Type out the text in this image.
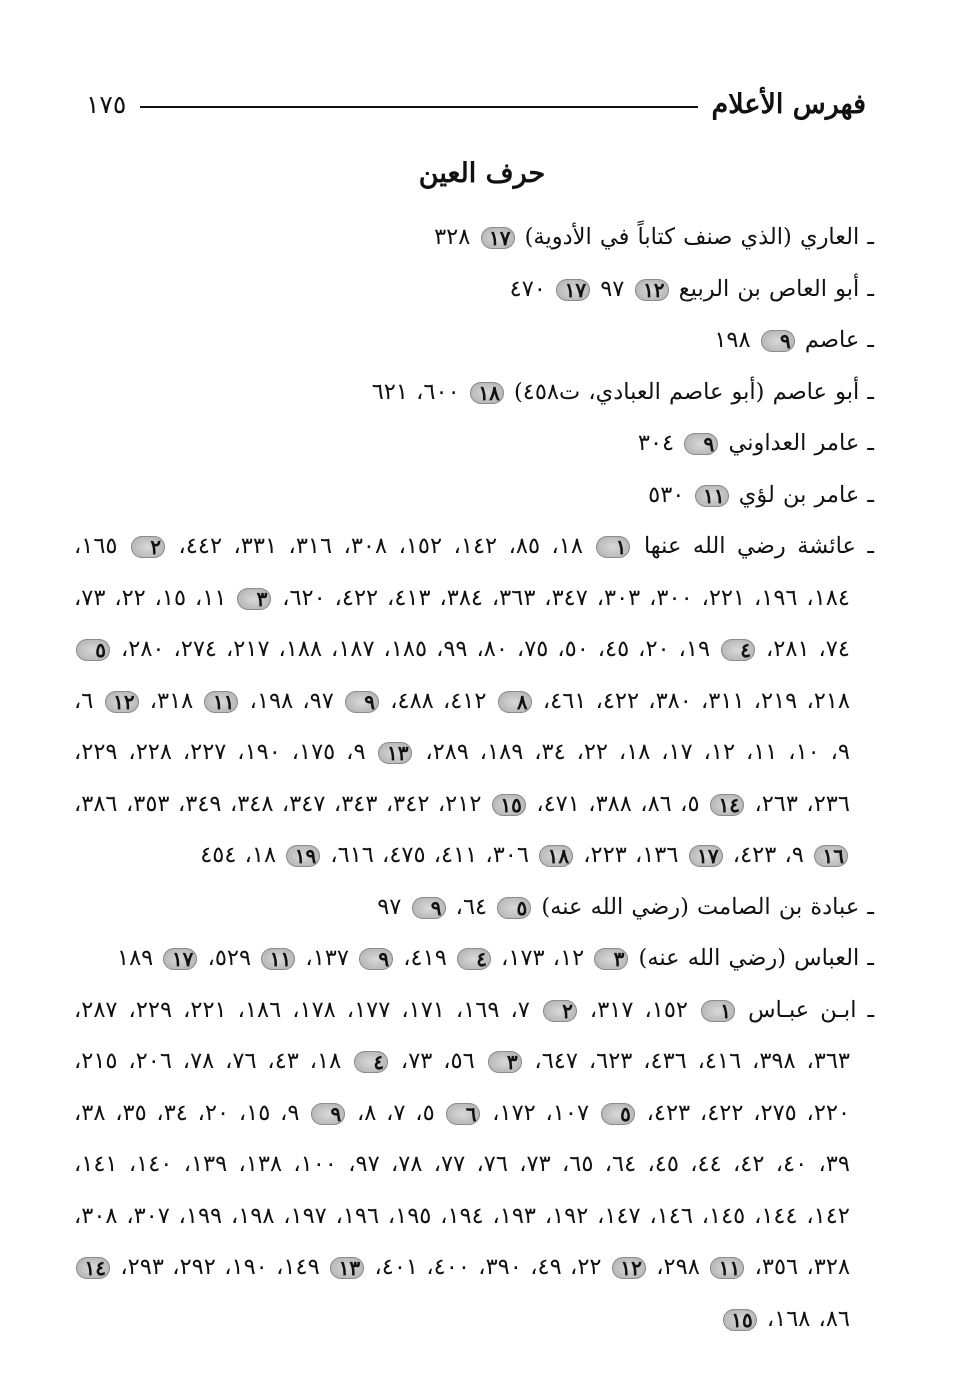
فهرس الأعلام
١٧٥
حرف العين
ـ العاري (الذي صنف كتاباً في الأدوية) ١٧ ٣٢٨
ـ أبو العاص بن الربيع ١٢ ٩٧ ١٧ ٤٧٠
ـ عاصم ٩ ١٩٨
ـ أبو عاصم (أبو عاصم العبادي، ت٤٥٨) ١٨ ٦٠٠، ٦٢١
ـ عامر العداوني ٩ ٣٠٤
ـ عامر بن لؤي ١١ ٥٣٠
ـ عائشة رضي الله عنها ١ ١٨، ٨٥، ١٤٢، ١٥٢، ٣٠٨، ٣١٦، ٣٣١، ٤٤٢، ٢ ١٦٥، ١٨٤، ١٩٦، ٢٢١، ٣٠٠، ٣٠٣، ٣٤٧، ٣٦٣، ٣٨٤، ٤١٣، ٤٢٢، ٦٢٠، ٣ ١١، ١٥، ٢٢، ٧٣، ٧٤، ٢٨١، ٤ ١٩، ٢٠، ٤٥، ٥٠، ٧٥، ٨٠، ٩٩، ١٨٥، ١٨٧، ١٨٨، ٢١٧، ٢٧٤، ٢٨٠، ٥ ٢١٨، ٢١٩، ٣١١، ٣٨٠، ٤٢٢، ٤٦١، ٨ ٤١٢، ٤٨٨، ٩ ٩٧، ١٩٨، ١١ ٣١٨، ١٢ ٦، ٩، ١٠، ١١، ١٢، ١٧، ١٨، ٢٢، ٣٤، ١٨٩، ٢٨٩، ١٣ ٩، ١٧٥، ١٩٠، ٢٢٧، ٢٢٨، ٢٢٩، ٢٣٦، ٢٦٣، ١٤ ٥، ٨٦، ٣٨٨، ٤٧١، ١٥ ٢١٢، ٣٤٢، ٣٤٣، ٣٤٧، ٣٤٨، ٣٤٩، ٣٥٣، ٣٨٦، ١٦ ٩، ٤٢٣، ١٧ ١٣٦، ٢٢٣، ١٨ ٣٠٦، ٤١١، ٤٧٥، ٦١٦، ١٩ ١٨، ٤٥٤
ـ عبادة بن الصامت (رضي الله عنه) ٥ ٦٤، ٩ ٩٧
ـ العباس (رضي الله عنه) ٣ ١٢، ١٧٣، ٤ ٤١٩، ٩ ١٣٧، ١١ ٥٢٩، ١٧ ١٨٩
ـ ابـن عبـاس ١ ١٥٢، ٣١٧، ٢ ٧، ١٦٩، ١٧١، ١٧٧، ١٧٨، ١٨٦، ٢٢١، ٢٢٩، ٢٨٧، ٣٦٣، ٣٩٨، ٤١٦، ٤٣٦، ٦٢٣، ٦٤٧، ٣ ٥٦، ٧٣، ٤ ١٨، ٤٣، ٧٦، ٧٨، ٢٠٦، ٢١٥، ٢٢٠، ٢٧٥، ٤٢٢، ٤٢٣، ٥ ١٠٧، ١٧٢، ٦ ٥، ٧، ٨، ٩ ٩، ١٥، ٢٠، ٣٤، ٣٥، ٣٨، ٣٩، ٤٠، ٤٢، ٤٤، ٤٥، ٦٤، ٦٥، ٧٣، ٧٦، ٧٧، ٧٨، ٩٧، ١٠٠، ١٣٨، ١٣٩، ١٤٠، ١٤١، ١٤٢، ١٤٤، ١٤٥، ١٤٦، ١٤٧، ١٩٢، ١٩٣، ١٩٤، ١٩٥، ١٩٦، ١٩٧، ١٩٨، ١٩٩، ٣٠٧، ٣٠٨، ٣٢٨، ٣٥٦، ١١ ٢٩٨، ١٢ ٢٢، ٤٩، ٣٩٠، ٤٠٠، ٤٠١، ١٣ ١٤٩، ١٩٠، ٢٩٢، ٢٩٣، ١٤ ٨٦، ١٦٨، ١٥
